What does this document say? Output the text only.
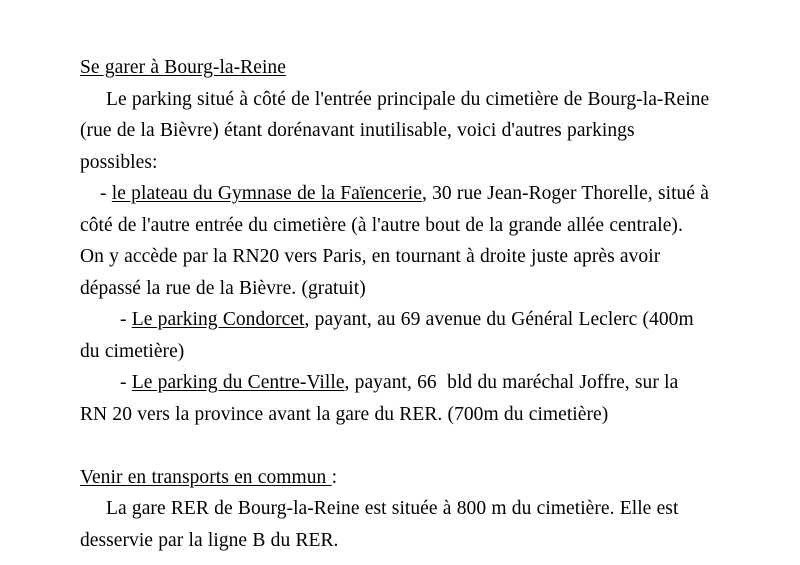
Se garer à Bourg-la-Reine
Le parking situé à côté de l'entrée principale du cimetière de Bourg-la-Reine (rue de la Bièvre) étant dorénavant inutilisable, voici d'autres parkings possibles:
- le plateau du Gymnase de la Faïencerie, 30 rue Jean-Roger Thorelle, situé à côté de l'autre entrée du cimetière (à l'autre bout de la grande allée centrale). On y accède par la RN20 vers Paris, en tournant à droite juste après avoir dépassé la rue de la Bièvre. (gratuit)
- Le parking Condorcet, payant, au 69 avenue du Général Leclerc (400m du cimetière)
- Le parking du Centre-Ville, payant, 66  bld du maréchal Joffre, sur la RN 20 vers la province avant la gare du RER. (700m du cimetière)
Venir en transports en commun :
La gare RER de Bourg-la-Reine est située à 800 m du cimetière. Elle est desservie par la ligne B du RER.
